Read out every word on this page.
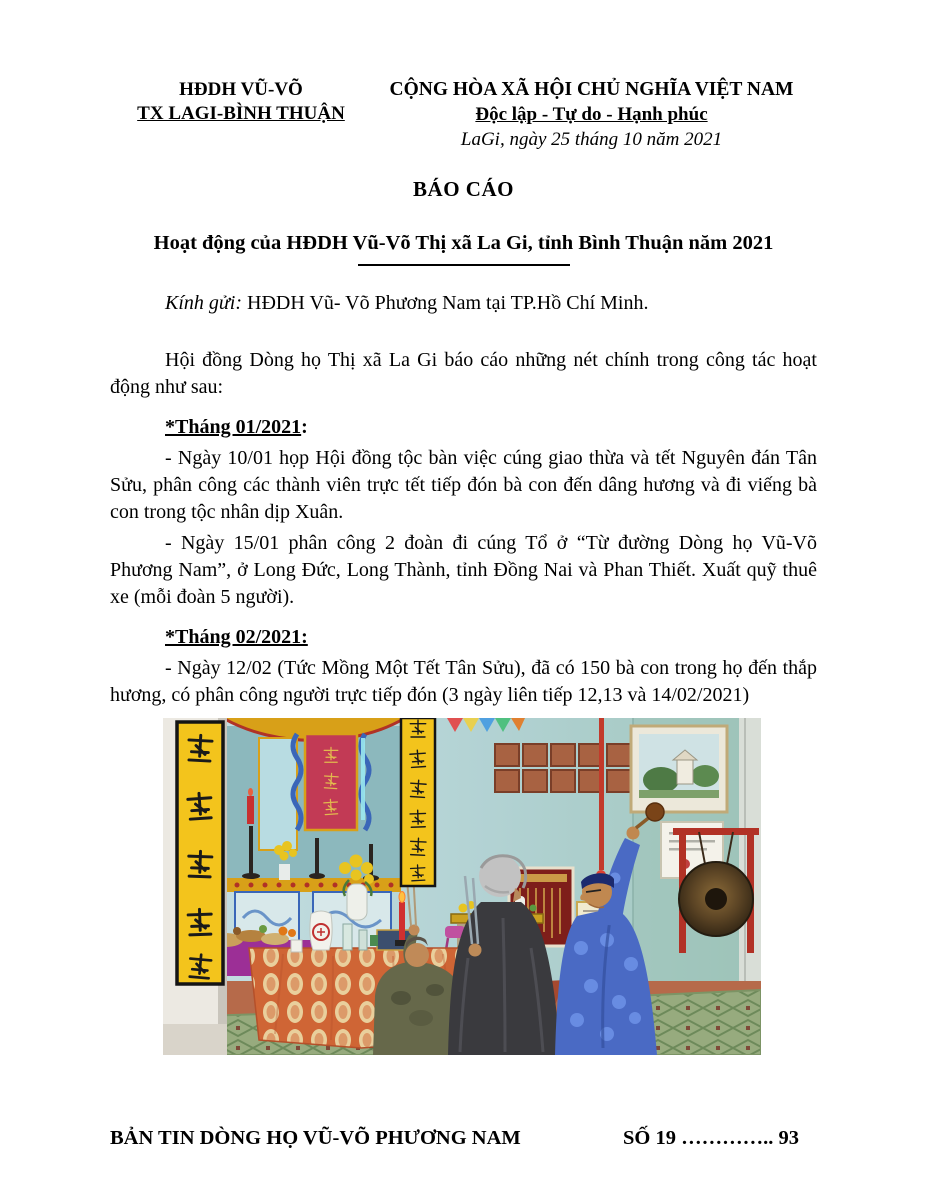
HĐDH VŨ-VÕ
TX LAGI-BÌNH THUẬN
CỘNG HÒA XÃ HỘI CHỦ NGHĨA VIỆT NAM
Độc lập - Tự do - Hạnh phúc
LaGi, ngày 25 tháng 10 năm 2021
BÁO CÁO
Hoạt động của HĐDH Vũ-Võ Thị xã La Gi, tỉnh Bình Thuận năm 2021

Kính gửi: HĐDH Vũ- Võ Phương Nam tại TP.Hồ Chí Minh.

Hội đồng Dòng họ Thị xã La Gi báo cáo những nét chính trong công tác hoạt động như sau:

*Tháng 01/2021:

- Ngày 10/01 họp Hội đồng tộc bàn việc cúng giao thừa và tết Nguyên đán Tân Sửu, phân công các thành viên trực tết tiếp đón bà con đến dâng hương và đi viếng bà con trong tộc nhân dịp Xuân.

- Ngày 15/01 phân công 2 đoàn đi cúng Tổ ở “Từ đường Dòng họ Vũ-Võ Phương Nam”, ở Long Đức, Long Thành, tỉnh Đồng Nai và Phan Thiết. Xuất quỹ thuê xe (mỗi đoàn 5 người).

*Tháng 02/2021:

- Ngày 12/02 (Tức Mồng Một Tết Tân Sửu), đã có 150 bà con trong họ đến thắp hương, có phân công người trực tiếp đón (3 ngày liên tiếp 12,13 và 14/02/2021)

BẢN TIN DÒNG HỌ VŨ-VÕ PHƯƠNG NAM	SỐ 19 ………….. 93
